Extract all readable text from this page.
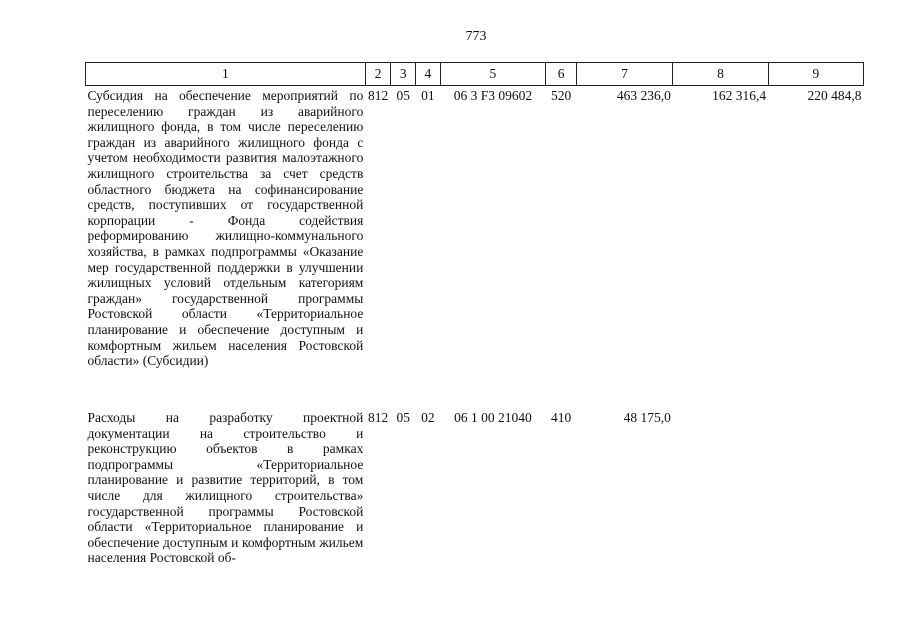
773
1	2	3	4	5	6	7	8	9
Субсидия на обеспечение мероприятий по переселению граждан из аварийного жилищного фонда, в том числе переселению граждан из аварийного жилищного фонда с учетом необходимости развития малоэтажного жилищного строительства за счет средств областного бюджета на софинансирование средств, поступивших от государственной корпорации - Фонда содействия реформированию жилищно-коммунального хозяйства, в рамках подпрограммы «Оказание мер государственной поддержки в улучшении жилищных условий отдельным категориям граждан» государственной программы Ростовской области «Территориальное планирование и обеспечение доступным и комфортным жильем населения Ростовской области» (Субсидии)	812	05	01	06 3 F3 09602	520	463 236,0	162 316,4	220 484,8
Расходы на разработку проектной документации на строительство и реконструкцию объектов в рамках подпрограммы «Территориальное планирование и развитие территорий, в том числе для жилищного строительства» государственной программы Ростовской области «Территориальное планирование и обеспечение доступным и комфортным жильем населения Ростовской об-	812	05	02	06 1 00 21040	410	48 175,0		
